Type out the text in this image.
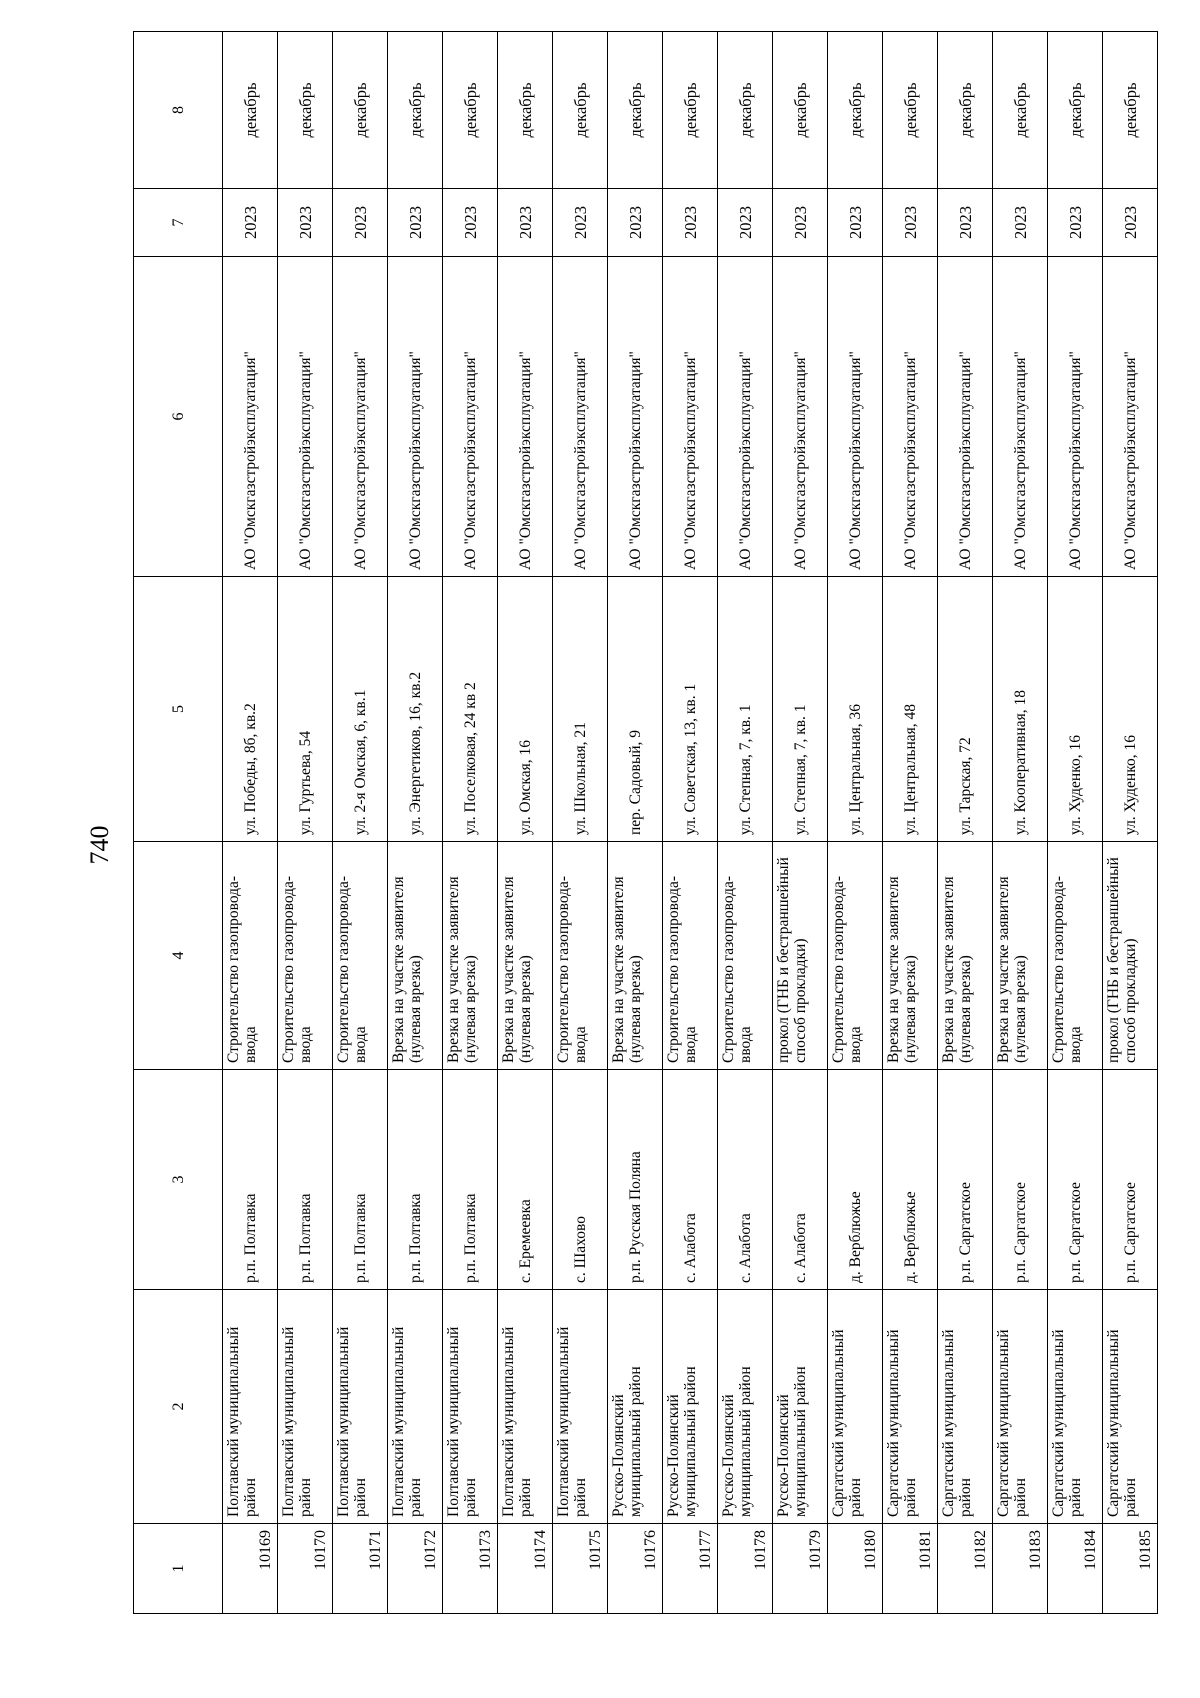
740
1	2	3	4	5	6	7	8
10169	Полтавский муниципальный район	р.п. Полтавка	Строительство газопровода-ввода	ул. Победы, 8б, кв.2	АО "Омскгазстройэксплуатация"	2023	декабрь
10170	Полтавский муниципальный район	р.п. Полтавка	Строительство газопровода-ввода	ул. Гуртьева, 54	АО "Омскгазстройэксплуатация"	2023	декабрь
10171	Полтавский муниципальный район	р.п. Полтавка	Строительство газопровода-ввода	ул. 2-я Омская, 6, кв.1	АО "Омскгазстройэксплуатация"	2023	декабрь
10172	Полтавский муниципальный район	р.п. Полтавка	Врезка на участке заявителя (нулевая врезка)	ул. Энергетиков, 16, кв.2	АО "Омскгазстройэксплуатация"	2023	декабрь
10173	Полтавский муниципальный район	р.п. Полтавка	Врезка на участке заявителя (нулевая врезка)	ул. Поселковая, 24 кв 2	АО "Омскгазстройэксплуатация"	2023	декабрь
10174	Полтавский муниципальный район	с. Еремеевка	Врезка на участке заявителя (нулевая врезка)	ул. Омская, 16	АО "Омскгазстройэксплуатация"	2023	декабрь
10175	Полтавский муниципальный район	с. Шахово	Строительство газопровода-ввода	ул. Школьная, 21	АО "Омскгазстройэксплуатация"	2023	декабрь
10176	Русско-Полянский муниципальный район	р.п. Русская Поляна	Врезка на участке заявителя (нулевая врезка)	пер. Садовый, 9	АО "Омскгазстройэксплуатация"	2023	декабрь
10177	Русско-Полянский муниципальный район	с. Алабота	Строительство газопровода-ввода	ул. Советская, 13, кв. 1	АО "Омскгазстройэксплуатация"	2023	декабрь
10178	Русско-Полянский муниципальный район	с. Алабота	Строительство газопровода-ввода	ул. Степная, 7, кв. 1	АО "Омскгазстройэксплуатация"	2023	декабрь
10179	Русско-Полянский муниципальный район	с. Алабота	прокол (ГНБ и бестраншейный способ прокладки)	ул. Степная, 7, кв. 1	АО "Омскгазстройэксплуатация"	2023	декабрь
10180	Саргатский муниципальный район	д. Верблюжье	Строительство газопровода-ввода	ул. Центральная, 36	АО "Омскгазстройэксплуатация"	2023	декабрь
10181	Саргатский муниципальный район	д. Верблюжье	Врезка на участке заявителя (нулевая врезка)	ул. Центральная, 48	АО "Омскгазстройэксплуатация"	2023	декабрь
10182	Саргатский муниципальный район	р.п. Саргатское	Врезка на участке заявителя (нулевая врезка)	ул. Тарская, 72	АО "Омскгазстройэксплуатация"	2023	декабрь
10183	Саргатский муниципальный район	р.п. Саргатское	Врезка на участке заявителя (нулевая врезка)	ул. Кооперативная, 18	АО "Омскгазстройэксплуатация"	2023	декабрь
10184	Саргатский муниципальный район	р.п. Саргатское	Строительство газопровода-ввода	ул. Худенко, 16	АО "Омскгазстройэксплуатация"	2023	декабрь
10185	Саргатский муниципальный район	р.п. Саргатское	прокол (ГНБ и бестраншейный способ прокладки)	ул. Худенко, 16	АО "Омскгазстройэксплуатация"	2023	декабрь
